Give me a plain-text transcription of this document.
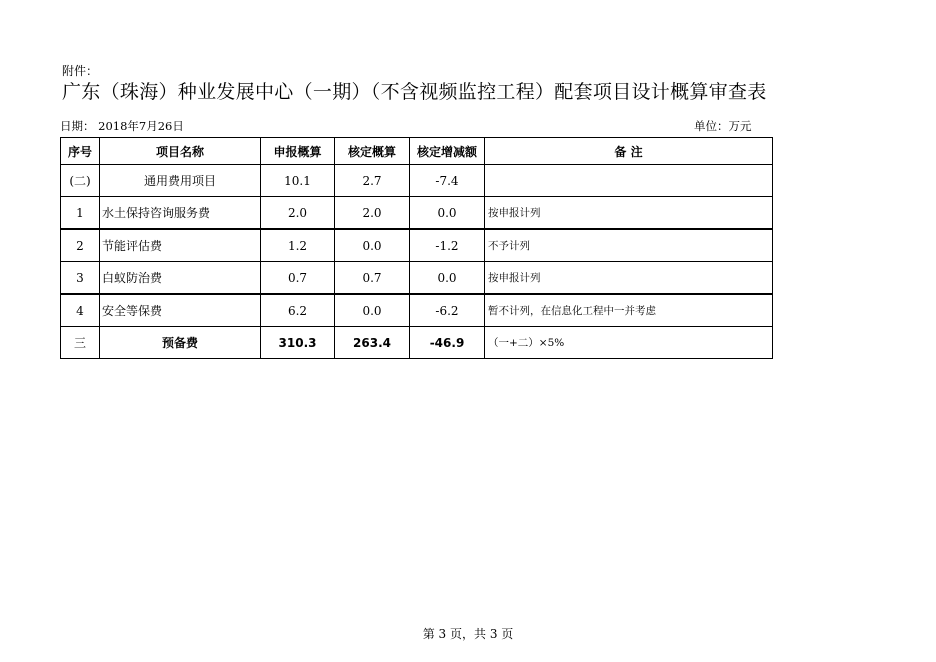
附件：
广东（珠海）种业发展中心（一期）（不含视频监控工程）配套项目设计概算审查表
日期： 2018年7月26日	单位：万元
序号	项目名称	申报概算	核定概算	核定增减额	备 注
(二)	通用费用项目	10.1	2.7	-7.4	
1	水土保持咨询服务费	2.0	2.0	0.0	按申报计列
2	节能评估费	1.2	0.0	-1.2	不予计列
3	白蚁防治费	0.7	0.7	0.0	按申报计列
4	安全等保费	6.2	0.0	-6.2	暂不计列，在信息化工程中一并考虑
三	预备费	310.3	263.4	-46.9	（一+二）×5%
第 3 页，共 3 页
